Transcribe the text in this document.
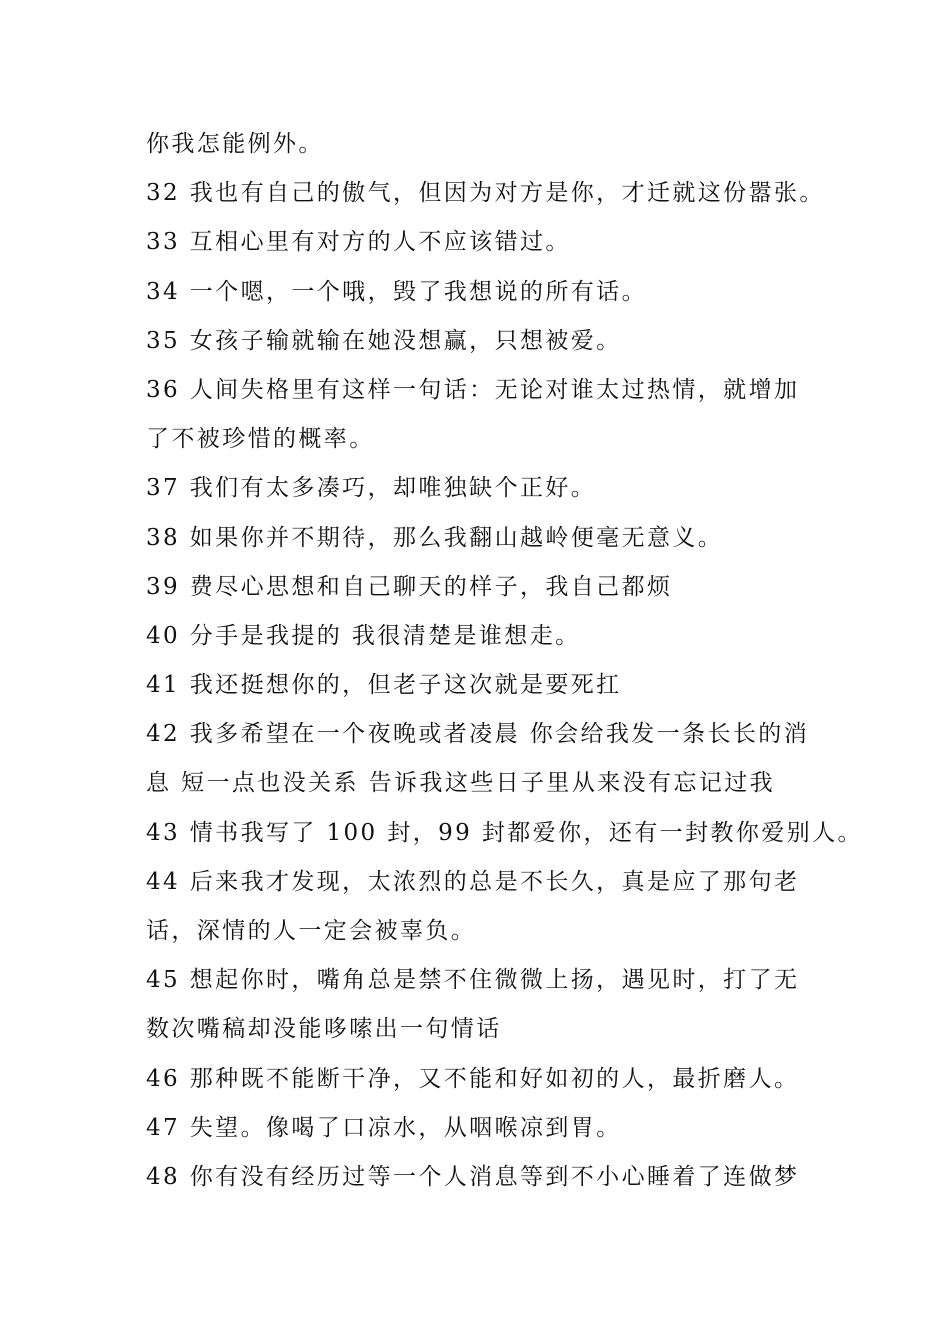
你我怎能例外。
32 我也有自己的傲气，但因为对方是你，才迁就这份嚣张。
33 互相心里有对方的人不应该错过。
34 一个嗯，一个哦，毁了我想说的所有话。
35 女孩子输就输在她没想赢，只想被爱。
36 人间失格里有这样一句话：无论对谁太过热情，就增加
了不被珍惜的概率。
37 我们有太多凑巧，却唯独缺个正好。
38 如果你并不期待，那么我翻山越岭便毫无意义。
39 费尽心思想和自己聊天的样子，我自己都烦
40 分手是我提的 我很清楚是谁想走。
41 我还挺想你的，但老子这次就是要死扛
42 我多希望在一个夜晚或者凌晨 你会给我发一条长长的消
息 短一点也没关系 告诉我这些日子里从来没有忘记过我
43 情书我写了 100 封，99 封都爱你，还有一封教你爱别人。
44 后来我才发现，太浓烈的总是不长久，真是应了那句老
话，深情的人一定会被辜负。
45 想起你时，嘴角总是禁不住微微上扬，遇见时，打了无
数次嘴稿却没能哆嗦出一句情话
46 那种既不能断干净，又不能和好如初的人，最折磨人。
47 失望。像喝了口凉水，从咽喉凉到胃。
48 你有没有经历过等一个人消息等到不小心睡着了连做梦
